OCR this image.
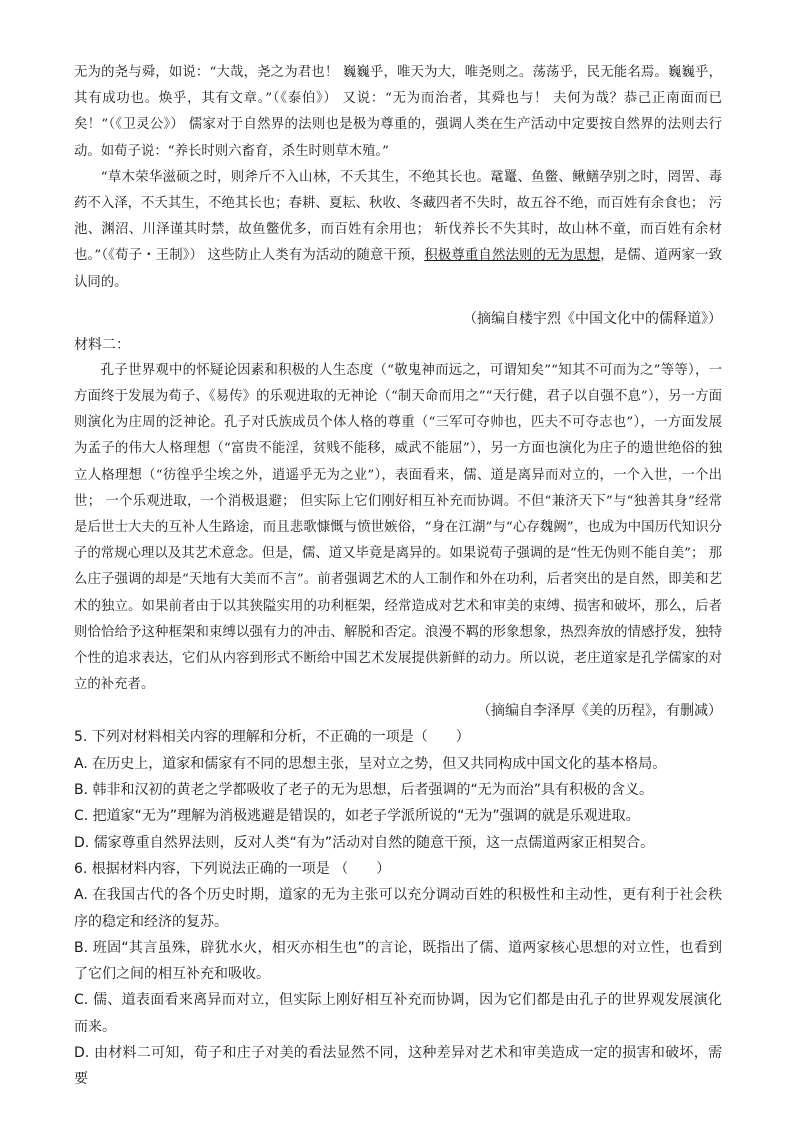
无为的尧与舜，如说：“大哉，尧之为君也！ 巍巍乎，唯天为大，唯尧则之。荡荡乎，民无能名焉。巍巍乎，其有成功也。焕乎，其有文章。”（《泰伯》） 又说：“无为而治者，其舜也与！ 夫何为哉？恭己正南面而已矣！”（《卫灵公》） 儒家对于自然界的法则也是极为尊重的，强调人类在生产活动中定要按自然界的法则去行动。如荀子说：“养长时则六畜育，杀生时则草木殖。”

“草木荣华滋硕之时，则斧斤不入山林，不夭其生，不绝其长也。鼋鼍、鱼鳖、鳅鳝孕别之时，罔罟、毒药不入泽，不夭其生，不绝其长也；春耕、夏耘、秋收、冬藏四者不失时，故五谷不绝，而百姓有余食也； 污池、渊沼、川泽谨其时禁，故鱼鳖优多，而百姓有余用也； 斩伐养长不失其时，故山林不童，而百姓有余材也。”（《荀子・王制》） 这些防止人类有为活动的随意干预，积极尊重自然法则的无为思想，是儒、道两家一致认同的。

（摘编自楼宇烈《中国文化中的儒释道》）

材料二：

孔子世界观中的怀疑论因素和积极的人生态度（“敬鬼神而远之，可谓知矣”“知其不可而为之”等等），一方面终于发展为荀子、《易传》的乐观进取的无神论（“制天命而用之”“天行健，君子以自强不息”），另一方面则演化为庄周的泛神论。孔子对氏族成员个体人格的尊重（“三军可夺帅也，匹夫不可夺志也”），一方面发展为孟子的伟大人格理想（“富贵不能淫，贫贱不能移，威武不能屈”），另一方面也演化为庄子的遗世绝俗的独立人格理想（“彷徨乎尘埃之外，逍遥乎无为之业”），表面看来，儒、道是离异而对立的，一个入世，一个出世； 一个乐观进取，一个消极退避； 但实际上它们刚好相互补充而协调。不但“兼济天下”与“独善其身”经常是后世士大夫的互补人生路途，而且悲歌慷慨与愤世嫉俗，“身在江湖”与“心存魏阙”，也成为中国历代知识分子的常规心理以及其艺术意念。但是，儒、道又毕竟是离异的。如果说荀子强调的是“性无伪则不能自美”； 那么庄子强调的却是“天地有大美而不言”。前者强调艺术的人工制作和外在功利，后者突出的是自然，即美和艺术的独立。如果前者由于以其狭隘实用的功利框架，经常造成对艺术和审美的束缚、损害和破坏，那么，后者则恰恰给予这种框架和束缚以强有力的冲击、解脱和否定。浪漫不羁的形象想象，热烈奔放的情感抒发，独特个性的追求表达，它们从内容到形式不断给中国艺术发展提供新鲜的动力。所以说，老庄道家是孔学儒家的对立的补充者。

（摘编自李泽厚《美的历程》，有删减）

5. 下列对材料相关内容的理解和分析，不正确的一项是（　　）

A. 在历史上，道家和儒家有不同的思想主张，呈对立之势，但又共同构成中国文化的基本格局。

B. 韩非和汉初的黄老之学都吸收了老子的无为思想，后者强调的“无为而治”具有积极的含义。

C. 把道家“无为”理解为消极逃避是错误的，如老子学派所说的“无为”强调的就是乐观进取。

D. 儒家尊重自然界法则，反对人类“有为”活动对自然的随意干预，这一点儒道两家正相契合。

6. 根据材料内容，下列说法正确的一项是 （　　）

A. 在我国古代的各个历史时期，道家的无为主张可以充分调动百姓的积极性和主动性，更有利于社会秩序的稳定和经济的复苏。

B. 班固“其言虽殊，辟犹水火，相灭亦相生也”的言论，既指出了儒、道两家核心思想的对立性，也看到了它们之间的相互补充和吸收。

C. 儒、道表面看来离异而对立，但实际上刚好相互补充而协调，因为它们都是由孔子的世界观发展演化而来。

D. 由材料二可知，荀子和庄子对美的看法显然不同，这种差异对艺术和审美造成一定的损害和破坏，需要
